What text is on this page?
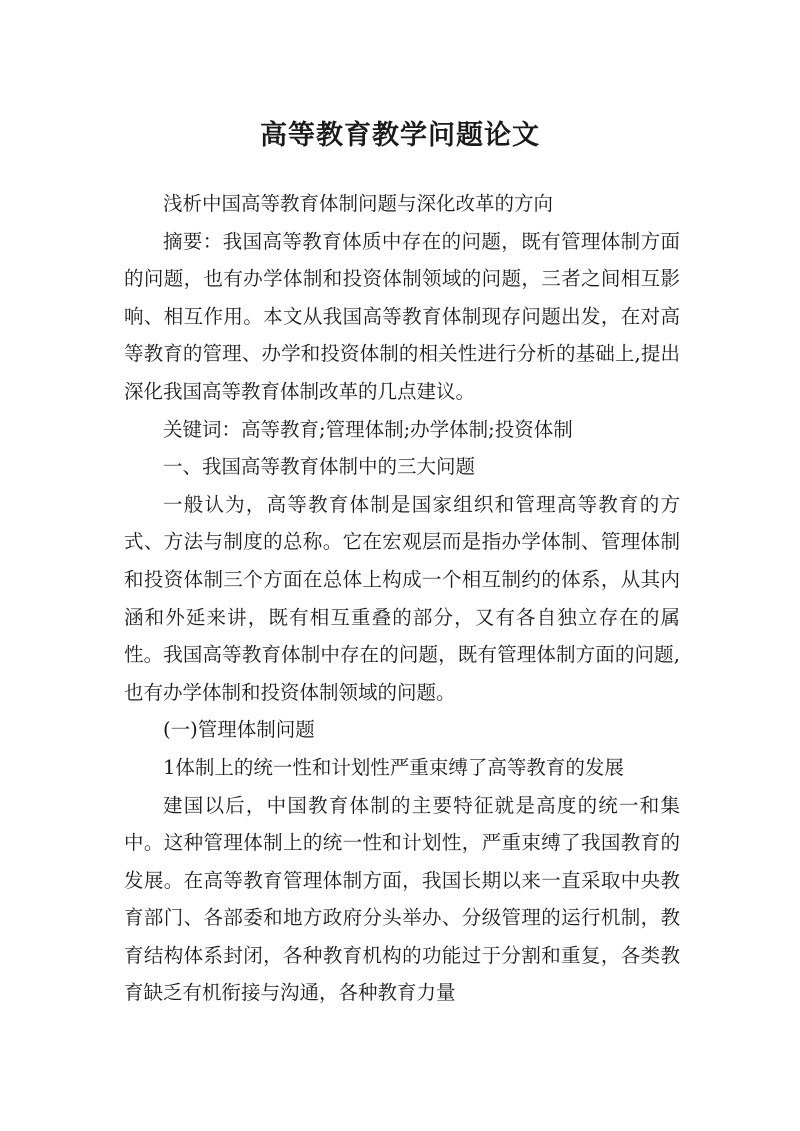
高等教育教学问题论文

浅析中国高等教育体制问题与深化改革的方向

摘要：我国高等教育体质中存在的问题，既有管理体制方面的问题，也有办学体制和投资体制领域的问题，三者之间相互影响、相互作用。本文从我国高等教育体制现存问题出发，在对高等教育的管理、办学和投资体制的相关性进行分析的基础上,提出深化我国高等教育体制改革的几点建议。

关键词：高等教育;管理体制;办学体制;投资体制

一、我国高等教育体制中的三大问题

一般认为，高等教育体制是国家组织和管理高等教育的方式、方法与制度的总称。它在宏观层而是指办学体制、管理体制和投资体制三个方面在总体上构成一个相互制约的体系，从其内涵和外延来讲，既有相互重叠的部分，又有各自独立存在的属性。我国高等教育体制中存在的问题，既有管理体制方面的问题,也有办学体制和投资体制领域的问题。

(一)管理体制问题

1体制上的统一性和计划性严重束缚了高等教育的发展

建国以后，中国教育体制的主要特征就是高度的统一和集中。这种管理体制上的统一性和计划性，严重束缚了我国教育的发展。在高等教育管理体制方面，我国长期以来一直采取中央教育部门、各部委和地方政府分头举办、分级管理的运行机制，教育结构体系封闭，各种教育机构的功能过于分割和重复，各类教育缺乏有机衔接与沟通，各种教育力量
